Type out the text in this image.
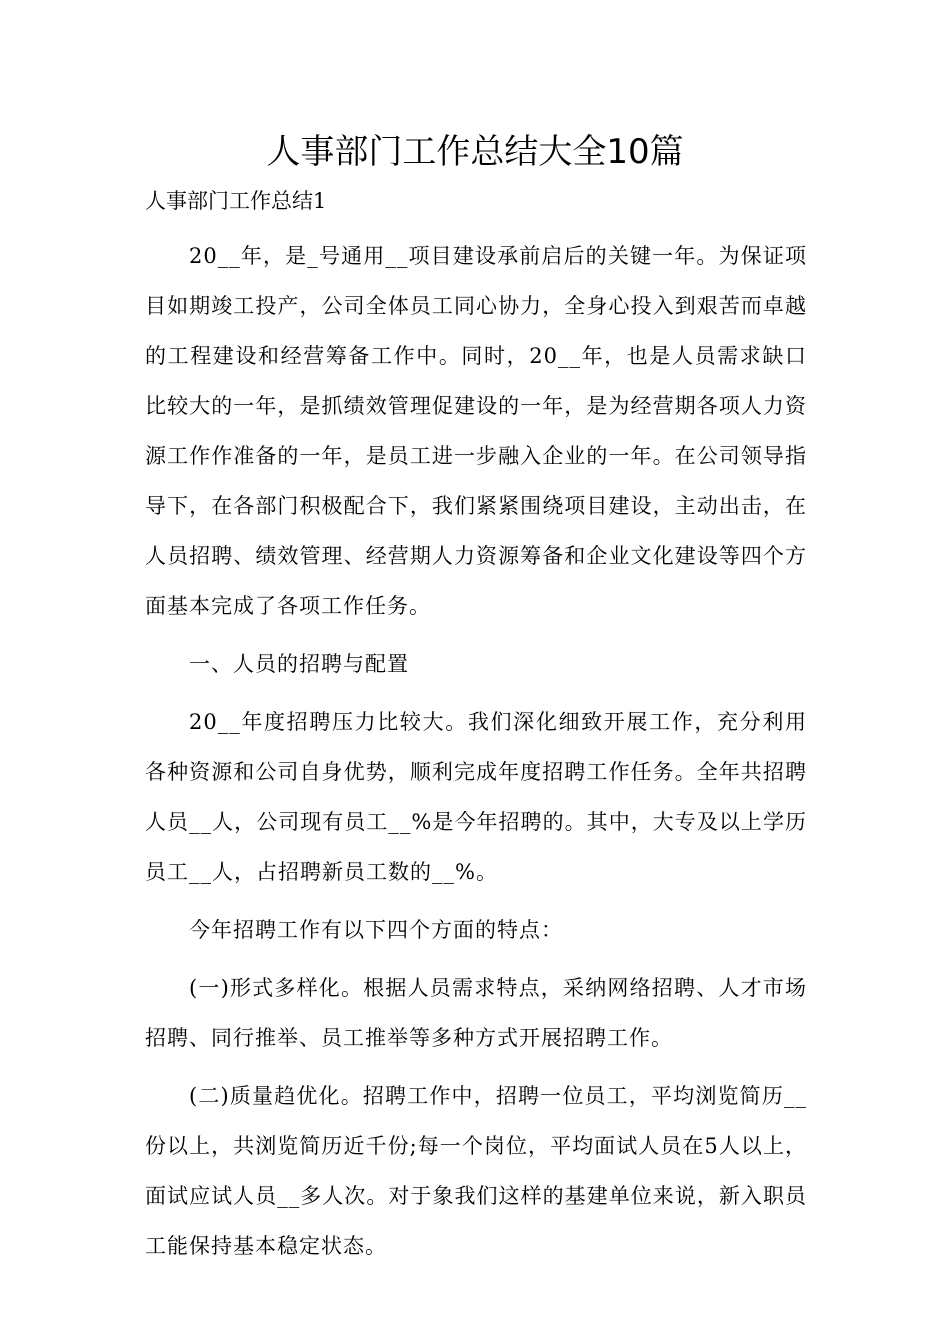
人事部门工作总结大全10篇

人事部门工作总结1

20__年，是_号通用__项目建设承前启后的关键一年。为保证项目如期竣工投产，公司全体员工同心协力，全身心投入到艰苦而卓越的工程建设和经营筹备工作中。同时，20__年，也是人员需求缺口比较大的一年，是抓绩效管理促建设的一年，是为经营期各项人力资源工作作准备的一年，是员工进一步融入企业的一年。在公司领导指导下，在各部门积极配合下，我们紧紧围绕项目建设，主动出击，在人员招聘、绩效管理、经营期人力资源筹备和企业文化建设等四个方面基本完成了各项工作任务。

一、人员的招聘与配置

20__年度招聘压力比较大。我们深化细致开展工作，充分利用各种资源和公司自身优势，顺利完成年度招聘工作任务。全年共招聘人员__人，公司现有员工__%是今年招聘的。其中，大专及以上学历员工__人，占招聘新员工数的__%。

今年招聘工作有以下四个方面的特点：

(一)形式多样化。根据人员需求特点，采纳网络招聘、人才市场招聘、同行推举、员工推举等多种方式开展招聘工作。

(二)质量趋优化。招聘工作中，招聘一位员工，平均浏览简历__份以上，共浏览简历近千份;每一个岗位，平均面试人员在5人以上，面试应试人员__多人次。对于象我们这样的基建单位来说，新入职员工能保持基本稳定状态。
